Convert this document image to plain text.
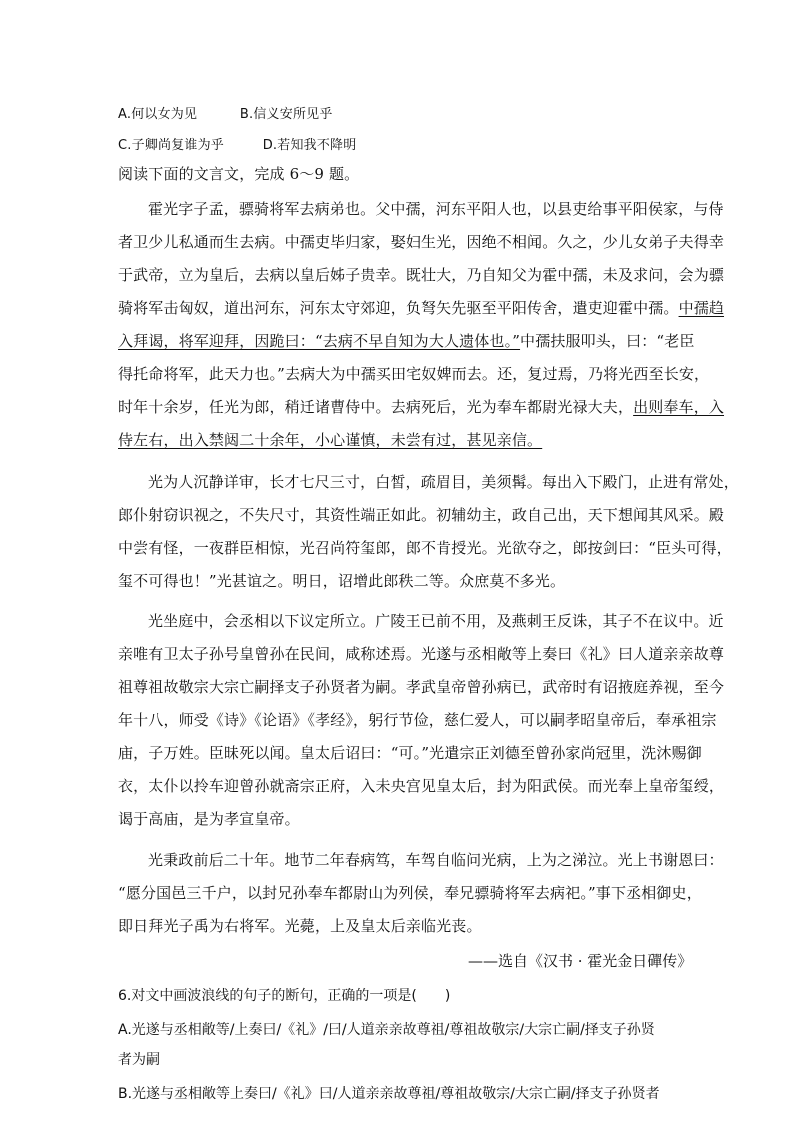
A.何以女为见	B.信义安所见乎
C.子卿尚复谁为乎	D.若知我不降明
阅读下面的文言文，完成 6～9 题。
霍光字子孟，骠骑将军去病弟也。父中孺，河东平阳人也，以县吏给事平阳侯家，与侍
者卫少儿私通而生去病。中孺吏毕归家，娶妇生光，因绝不相闻。久之，少儿女弟子夫得幸
于武帝，立为皇后，去病以皇后姊子贵幸。既壮大，乃自知父为霍中孺，未及求问，会为骠
骑将军击匈奴，道出河东，河东太守郊迎，负弩矢先驱至平阳传舍，遣吏迎霍中孺。中孺趋
入拜谒，将军迎拜，因跪曰：“去病不早自知为大人遗体也。”中孺扶服叩头，曰：“老臣
得托命将军，此天力也。”去病大为中孺买田宅奴婢而去。还，复过焉，乃将光西至长安，
时年十余岁，任光为郎，稍迁诸曹侍中。去病死后，光为奉车都尉光禄大夫，出则奉车，入
侍左右，出入禁闼二十余年，小心谨慎，未尝有过，甚见亲信。
光为人沉静详审，长才七尺三寸，白皙，疏眉目，美须髯。每出入下殿门，止进有常处，
郎仆射窃识视之，不失尺寸，其资性端正如此。初辅幼主，政自己出，天下想闻其风采。殿
中尝有怪，一夜群臣相惊，光召尚符玺郎，郎不肯授光。光欲夺之，郎按剑曰：“臣头可得，
玺不可得也！”光甚谊之。明日，诏增此郎秩二等。众庶莫不多光。
光坐庭中，会丞相以下议定所立。广陵王已前不用，及燕刺王反诛，其子不在议中。近
亲唯有卫太子孙号皇曾孙在民间，咸称述焉。光遂与丞相敞等上奏曰《礼》曰人道亲亲故尊
祖尊祖故敬宗大宗亡嗣择支子孙贤者为嗣。孝武皇帝曾孙病已，武帝时有诏掖庭养视，至今
年十八，师受《诗》《论语》《孝经》，躬行节俭，慈仁爱人，可以嗣孝昭皇帝后，奉承祖宗
庙，子万姓。臣昧死以闻。皇太后诏曰：“可。”光遣宗正刘德至曾孙家尚冠里，洗沐赐御
衣，太仆以拎车迎曾孙就斋宗正府，入未央宫见皇太后，封为阳武侯。而光奉上皇帝玺绶，
谒于高庙，是为孝宣皇帝。
光秉政前后二十年。地节二年春病笃，车驾自临问光病，上为之涕泣。光上书谢恩曰：
“愿分国邑三千户，以封兄孙奉车都尉山为列侯，奉兄骠骑将军去病祀。”事下丞相御史，
即日拜光子禹为右将军。光薨，上及皇太后亲临光丧。
——选自《汉书 · 霍光金日磾传》
6.对文中画波浪线的句子的断句，正确的一项是(　　)
A.光遂与丞相敞等/上奏曰/《礼》/曰/人道亲亲故尊祖/尊祖故敬宗/大宗亡嗣/择支子孙贤
者为嗣
B.光遂与丞相敞等上奏曰/《礼》曰/人道亲亲故尊祖/尊祖故敬宗/大宗亡嗣/择支子孙贤者
